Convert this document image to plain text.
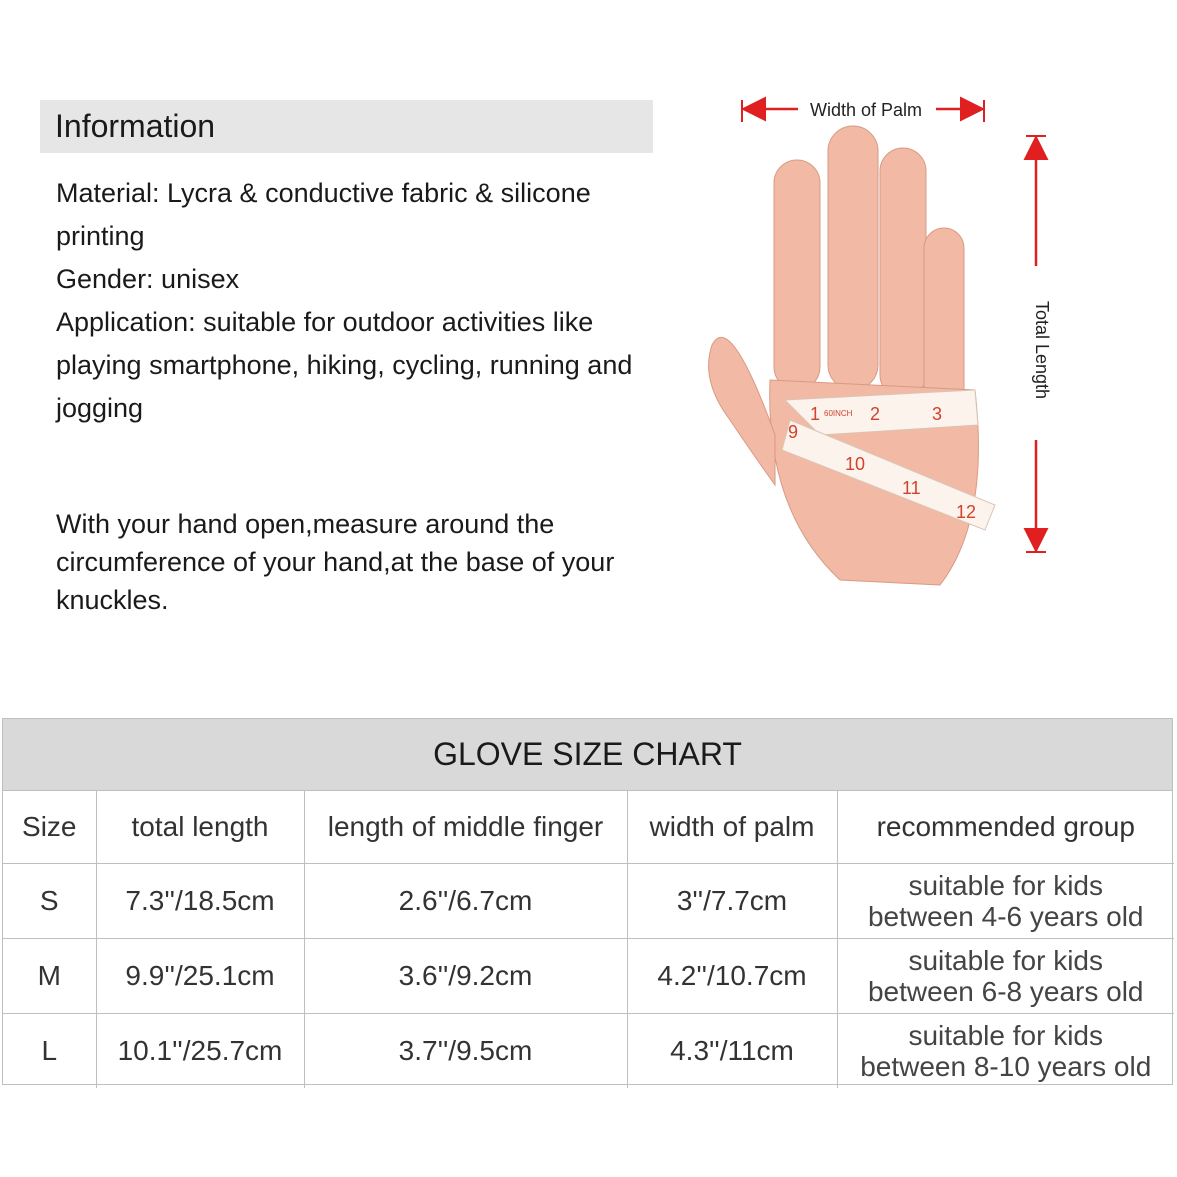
Information
Material: Lycra & conductive fabric & silicone printing
Gender: unisex
Application: suitable for outdoor activities like playing smartphone, hiking, cycling, running and jogging
With your hand open,measure around the circumference of your hand,at the base of your knuckles.
Width of Palm
Total Length
1	2	3
9
10
11
12
60INCH
GLOVE SIZE CHART
Size	total length	length of middle finger	width of palm	recommended group
S	7.3''/18.5cm	2.6''/6.7cm	3''/7.7cm	suitable for kids
between 4-6 years old

M	9.9''/25.1cm	3.6''/9.2cm	4.2''/10.7cm	suitable for kids
between 6-8 years old

L	10.1''/25.7cm	3.7''/9.5cm	4.3''/11cm	suitable for kids
between 8-10 years old
